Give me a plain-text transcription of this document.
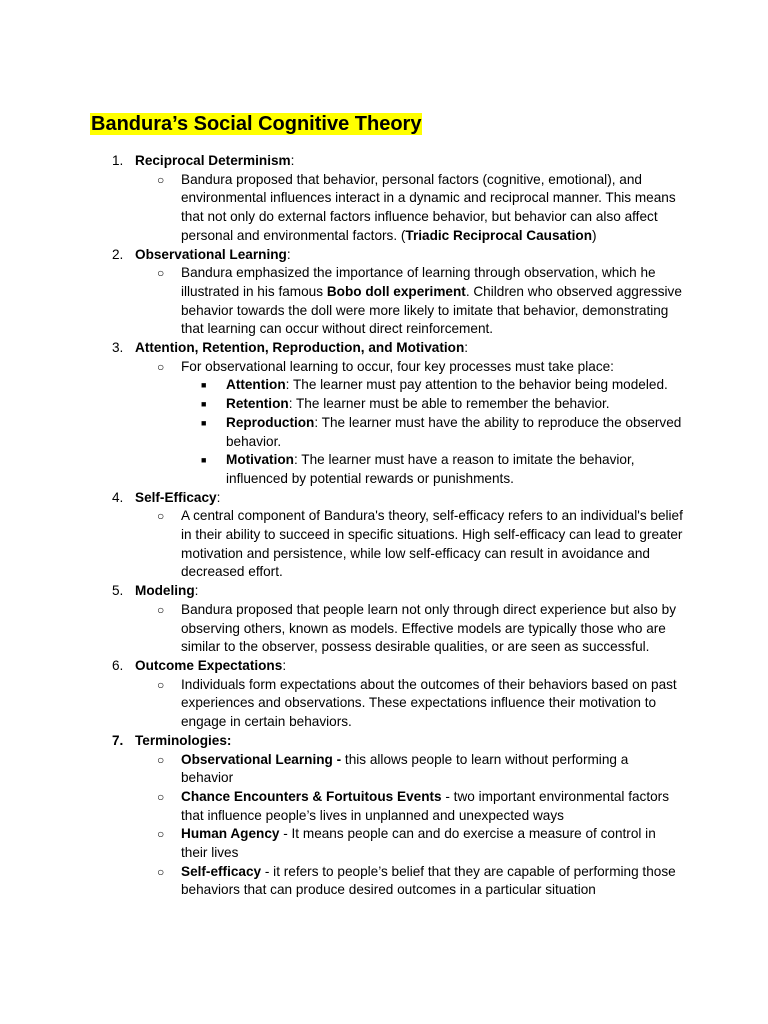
Bandura’s Social Cognitive Theory
1. Reciprocal Determinism:
○ Bandura proposed that behavior, personal factors (cognitive, emotional), and environmental influences interact in a dynamic and reciprocal manner. This means that not only do external factors influence behavior, but behavior can also affect personal and environmental factors. (Triadic Reciprocal Causation)
2. Observational Learning:
○ Bandura emphasized the importance of learning through observation, which he illustrated in his famous Bobo doll experiment. Children who observed aggressive behavior towards the doll were more likely to imitate that behavior, demonstrating that learning can occur without direct reinforcement.
3. Attention, Retention, Reproduction, and Motivation:
○ For observational learning to occur, four key processes must take place:
■ Attention: The learner must pay attention to the behavior being modeled.
■ Retention: The learner must be able to remember the behavior.
■ Reproduction: The learner must have the ability to reproduce the observed behavior.
■ Motivation: The learner must have a reason to imitate the behavior, influenced by potential rewards or punishments.
4. Self-Efficacy:
○ A central component of Bandura's theory, self-efficacy refers to an individual's belief in their ability to succeed in specific situations. High self-efficacy can lead to greater motivation and persistence, while low self-efficacy can result in avoidance and decreased effort.
5. Modeling:
○ Bandura proposed that people learn not only through direct experience but also by observing others, known as models. Effective models are typically those who are similar to the observer, possess desirable qualities, or are seen as successful.
6. Outcome Expectations:
○ Individuals form expectations about the outcomes of their behaviors based on past experiences and observations. These expectations influence their motivation to engage in certain behaviors.
7. Terminologies:
○ Observational Learning - this allows people to learn without performing a behavior
○ Chance Encounters & Fortuitous Events - two important environmental factors that influence people’s lives in unplanned and unexpected ways
○ Human Agency - It means people can and do exercise a measure of control in their lives
○ Self-efficacy - it refers to people’s belief that they are capable of performing those behaviors that can produce desired outcomes in a particular situation
